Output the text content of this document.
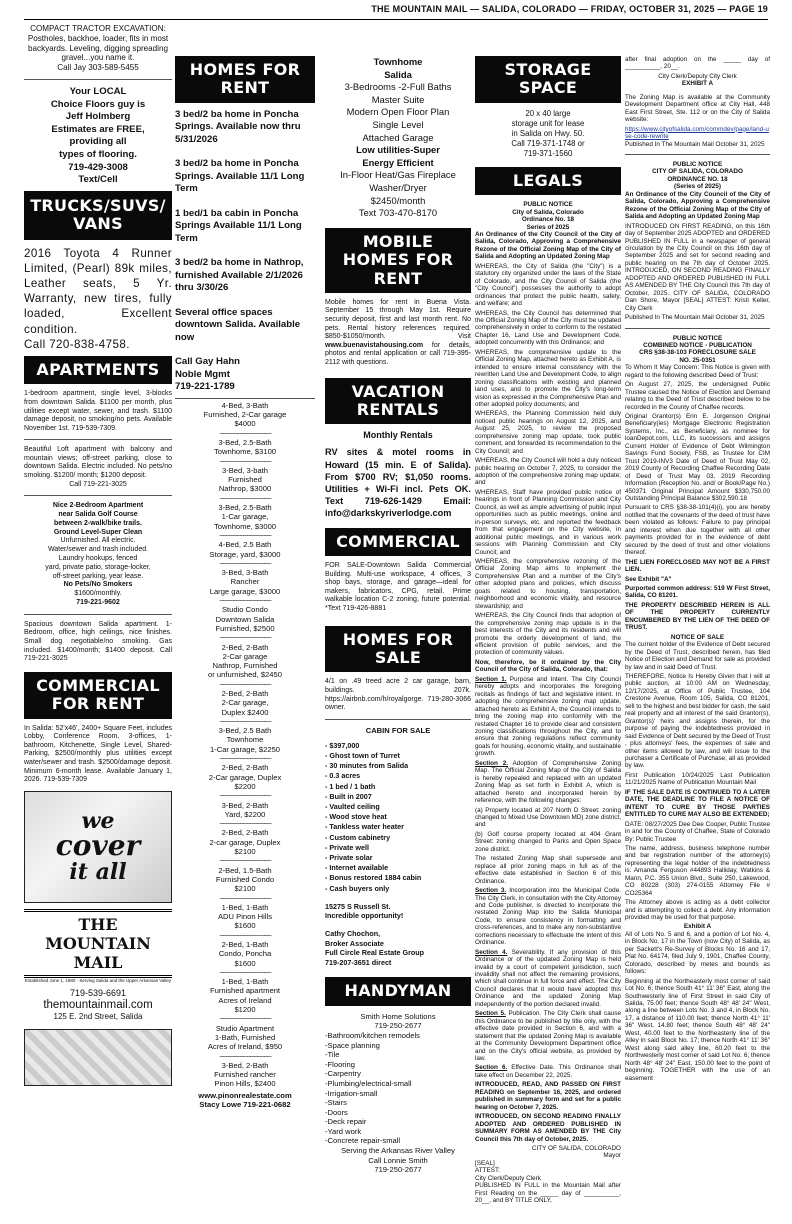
THE MOUNTAIN MAIL — SALIDA, COLORADO — FRIDAY, OCTOBER 31, 2025 — PAGE 19
COMPACT TRACTOR EXCAVATION:
Postholes, backhoe, loader, fits in most backyards. Leveling, digging spreading gravel...you name it.
Call Jay 303-589-5455
Your LOCAL
Choice Floors guy is
Jeff Holmberg
Estimates are FREE,
providing all
types of flooring.
719-429-3008
Text/Cell
TRUCKS/SUVS/ VANS
2016 Toyota 4 Runner Limited, (Pearl) 89k miles, Leather seats, 5 Yr. Warranty, new tires, fully loaded, Excellent condition.
Call 720-838-4758.
APARTMENTS
1-bedroom apartment, single level, 3-blocks from downtown Salida. $1100 per month, plus utilities except water, sewer, and trash. $1100 damage deposit, no smoking/no pets. Available November 1st. 719-539-7309.
Beautiful Loft apartment with balcony and mountain views; off-street parking, close to downtown Salida. Electric included. No pets/no smoking. $1200/ month; $1200 deposit.
Call 719-221-3025
Nice 2-Bedroom Apartment
near Salida Golf Course
between 2-walk/bike trails.
Ground Level-Super Clean
Unfurnished. All electric.
Water/sewer and trash included.
Laundry hookups, fenced
yard, private patio, storage-locker,
off-street parking, year lease.
No Pets/No Smokers
$1600/monthly.
719-221-9602
Spacious downtown Salida apartment. 1-Bedroom, office, high ceilings, nice finishes. Small dog negotiable/no smoking. Gas included. $1400/month; $1400 deposit. Call 719-221-3025
COMMERCIAL FOR RENT
In Salida: 52'x46', 2400+ Square Feet, includes Lobby, Conference Room, 3-offices, 1-bathroom, Kitchenette, Single Level, Shared-Parking, $2500/monthly plus utilities except water/sewer and trash. $2500/damage deposit. Minimum 6-month lease. Available January 1, 2026. 719-539-7309
we
cover
it all
THE MOUNTAIN MAIL
Established June 1, 1880 · Serving Salida and the Upper Arkansas Valley
719-539-6691
themountainmail.com
125 E. 2nd Street, Salida
HOMES FOR RENT
3 bed/2 ba home in Poncha Springs. Available now thru 5/31/2026
3 bed/2 ba home in Poncha Springs. Available 11/1 Long Term
1 bed/1 ba cabin in Poncha Springs Available 11/1 Long Term
3 bed/2 ba home in Nathrop, furnished Available 2/1/2026 thru 3/30/26
Several office spaces downtown Salida. Available now
Call Gay Hahn
Noble Mgmt
719-221-1789
4-Bed, 3-Bath
Furnished, 2-Car garage
$4000
~~~~~~~~~~~~~~~
3-Bed, 2.5-Bath
Townhome, $3100
~~~~~~~~~~~~~~~
3-Bed, 3-bath
Furnished
Nathrop, $3000
~~~~~~~~~~~~~~~
3-Bed, 2.5-Bath
1-Car garage,
Townhome, $3000
~~~~~~~~~~~~~~~
4-Bed, 2.5 Bath
Storage, yard, $3000
~~~~~~~~~~~~~~~
3-Bed, 3-Bath
Rancher
Large garage, $3000
~~~~~~~~~~~~~~~
Studio Condo
Downtown Salida
Furnished, $2500
~~~~~~~~~~~~~~~
2-Bed, 2-Bath
2-Car garage
Nathrop, Furnished
or unfurnished, $2450
~~~~~~~~~~~~~~~
2-Bed, 2-Bath
2-Car garage,
Duplex $2400
~~~~~~~~~~~~~~~
3-Bed, 2.5 Bath
Townhome
1-Car garage, $2250
~~~~~~~~~~~~~~~
2-Bed, 2-Bath
2-Car garage, Duplex
$2200
~~~~~~~~~~~~~~~
3-Bed, 2-Bath
Yard, $2200
~~~~~~~~~~~~~~~
2-Bed, 2-Bath
2-car garage, Duplex
$2100
~~~~~~~~~~~~~~~
2-Bed, 1.5-Bath
Furnished Condo
$2100
~~~~~~~~~~~~~~~
1-Bed, 1-Bath
ADU Pinon Hills
$1600
~~~~~~~~~~~~~~~
2-Bed, 1-Bath
Condo, Poncha
$1600
~~~~~~~~~~~~~~~
1-Bed, 1-Bath
Furnished apartment
Acres of Ireland
$1200
~~~~~~~~~~~~~~~
Studio Apartment
1-Bath, Furnished
Acres of Ireland, $950
~~~~~~~~~~~~~~~
3-Bed, 2-Bath
Furnished rancher
Pinon Hills, $2400
www.pinonrealestate.com
Stacy Lowe 719-221-0682
Townhome
Salida
3-Bedrooms -2-Full Baths
Master Suite
Modern Open Floor Plan
Single Level
Attached Garage
Low utilities-Super
Energy Efficient
In-Floor Heat/Gas Fireplace
Washer/Dryer
$2450/month
Text 703-470-8170
MOBILE HOMES FOR RENT
Mobile homes for rent in Buena Vista. September 15 through May 1st. Require security deposit, first and last month rent. No pets. Rental history references required. $850-$1050/month. Visit www.buenavistahousing.com for details, photos and rental application or call 719-395-2112 with questions.
VACATION RENTALS
Monthly Rentals
RV sites & motel rooms in Howard (15 min. E of Salida). From $700 RV; $1,050 rooms. Utilities + Wi-Fi incl. Pets OK. Text 719-626-1429 Email: info@darkskyriverlodge.com
COMMERCIAL
FOR SALE-Downtown Salida Commercial Building. Multi-use workspace, 4 offices, 3 shop bays, storage, and garage—ideal for makers, fabricators, CPG, retail. Prime walkable location C-2 zoning, future potential. *Text 719-426-8881
HOMES FOR SALE
4/1 on .49 treed acre 2 car garage, barn, buildings. 207k. https://airbnb.com/h/royalgorge. 719-280-3066 owner.
CABIN FOR SALE
- $397,000
- Ghost town of Turret
- 30 minutes from Salida
- 0.3 acres
- 1 bed / 1 bath
- Built in 2007
- Vaulted ceiling
- Wood stove heat
- Tankless water heater
- Custom cabinetry
- Private well
- Private solar
- Internet available
- Bonus restored 1884 cabin
- Cash buyers only
15275 S Russell St.
Incredible opportunity!
Cathy Chochon,
Broker Associate
Full Circle Real Estate Group
719-207-3651 direct
HANDYMAN
Smith Home Solutions
719-250-2677
-Bathroom/kitchen remodels
-Space planning
-Tile
-Flooring
-Carpentry
-Plumbing/electrical-small
-Irrigation-small
-Stairs
-Doors
-Deck repair
-Yard work
-Concrete repair-small
Serving the Arkansas River Valley
Call Lonnie Smith
719-250-2677
STORAGE SPACE
20 x 40 large
storage unit for lease
in Salida on Hwy. 50.
Call 719-371-1748 or
719-371-1560
LEGALS
PUBLIC NOTICE
City of Salida, Colorado
Ordinance No. 18
Series of 2025

An Ordinance of the City Council of the City of Salida, Colorado, Approving a Comprehensive Rezone of the Official Zoning Map of the City of Salida and Adopting an Updated Zoning Map

WHEREAS, the City of Salida (the "City") is a statutory city organized under the laws of the State of Colorado, and the City Council of Salida (the "City Council") possesses the authority to adopt ordinances that protect the public health, safety, and welfare; and

WHEREAS, the City Council has determined that the Official Zoning Map of the City must be updated comprehensively in order to conform to the restated Chapter 16, Land Use and Development Code, adopted concurrently with this Ordinance; and

WHEREAS, the comprehensive update to the Official Zoning Map, attached hereto as Exhibit A, is intended to ensure internal consistency with the rewritten Land Use and Development Code, to align zoning classifications with existing and planned land uses, and to promote the City's long-term vision as expressed in the Comprehensive Plan and other adopted policy documents; and

WHEREAS, the Planning Commission held duly noticed public hearings on August 12, 2025, and August 25, 2025, to review the proposed comprehensive zoning map update, took public comment, and forwarded its recommendation to the City Council; and

WHEREAS, the City Council will hold a duly noticed public hearing on October 7, 2025, to consider the adoption of the comprehensive zoning map update; and

WHEREAS, Staff have provided public notice of hearings in front of Planning Commission and City Council, as well as ample advertising of public input opportunities such as public meetings, online and in-person surveys, etc. and reported the feedback from that engagement on the City website, in additional public meetings, and in various work sessions with Planning Commission and City Council; and

WHEREAS, the comprehensive rezoning of the Official Zoning Map aims to implement the Comprehensive Plan and a number of the City's other adopted plans and policies, which discuss goals related to housing, transportation, neighborhood and economic vitality, and resource stewardship; and

WHEREAS, the City Council finds that adoption of the comprehensive zoning map update is in the best interests of the City and its residents and will promote the orderly development of land, the efficient provision of public services, and the protection of community values.

Now, therefore, be it ordained by the City Council of the City of Salida, Colorado, that:

Section 1. Purpose and Intent. The City Council hereby adopts and incorporates the foregoing recitals as findings of fact and legislative intent. In adopting the comprehensive zoning map update, attached hereto as Exhibit A, the Council intends to bring the zoning map into conformity with the restated Chapter 16 to provide clear and consistent zoning classifications throughout the City, and to ensure that zoning regulations reflect community goals for housing, economic vitality, and sustainable growth.

Section 2. Adoption of Comprehensive Zoning Map. The Official Zoning Map of the City of Salida is hereby repealed and replaced with an updated Zoning Map as set forth in Exhibit A, which is attached hereto and incorporated herein by reference, with the following changes:

(a) Property located at 207 North D Street: zoning changed to Mixed Use Downtown MD) zone district, and

(b) Golf course property located at 404 Grant Street: zoning changed to Parks and Open Space zone district.

The restated Zoning Map shall supersede and replace all prior zoning maps in full as of the effective date established in Section 6 of this Ordinance.

Section 3. Incorporation into the Municipal Code. The City Clerk, in consultation with the City Attorney and Code publisher, is directed to incorporate the restated Zoning Map into the Salida Municipal Code, to ensure consistency in formatting and cross-references, and to make any non-substantive corrections necessary to effectuate the intent of this Ordinance.

Section 4. Severability. If any provision of this Ordinance or of the updated Zoning Map is held invalid by a court of competent jurisdiction, such invalidity shall not affect the remaining provisions, which shall continue in full force and effect. The City Council declares that it would have adopted this Ordinance and the updated Zoning Map independently of the portion declared invalid.

Section 5. Publication. The City Clerk shall cause this Ordinance to be published by title only, with the effective date provided in Section 6, and with a statement that the updated Zoning Map is available at the Community Development Department office and on the City's official website, as provided by law.

Section 6. Effective Date. This Ordinance shall take effect on December 22, 2025.

INTRODUCED, READ, AND PASSED ON FIRST READING on September 16, 2025, and ordered published in summary form and set for a public hearing on October 7, 2025.

INTRODUCED, ON SECOND READING FINALLY ADOPTED AND ORDERED PUBLISHED IN SUMMARY FORM AS AMENDED BY THE City Council this 7th day of October, 2025.

CITY OF SALIDA, COLORADO
Mayor
[SEAL]
ATTEST:
City Clerk/Deputy Clerk

PUBLISHED IN FULL in the Mountain Mail after First Reading on the _____ day of __________, 20__, and BY TITLE ONLY,

after final adoption on the _____ day of __________, 20__.

City Clerk/Deputy City Clerk
EXHIBIT A

The Zoning Map is available at the Community Development Department office at City Hall, 448 East First Street, Ste. 112 or on the City of Salida website:

https://www.cityofsalida.com/commdev/page/land-use-code-rewrite

Published In The Mountain Mail October 31, 2025

PUBLIC NOTICE
CITY OF SALIDA, COLORADO
ORDINANCE NO. 18
(Series of 2025)

An Ordinance of the City Council of the City of Salida, Colorado, Approving a Comprehensive Rezone of the Official Zoning Map of the City of Salida and Adopting an Updated Zoning Map

INTRODUCED ON FIRST READING, on this 16th day of September 2025 ADOPTED and ORDERED PUBLISHED IN FULL in a newspaper of general circulation by the City Council on this 16th day of September 2025 and set for second reading and public hearing on the 7th day of October 2025. INTRODUCED, ON SECOND READING FINALLY ADOPTED AND ORDERED PUBLISHED IN FULL AS AMENDED BY THE City Council this 7th day of October, 2025. CITY OF SALIDA, COLORADO Dan Shore, Mayor [SEAL] ATTEST: Kristi Keller, City Clerk

Published In The Mountain Mail October 31, 2025

PUBLIC NOTICE
COMBINED NOTICE - PUBLICATION
CRS §38-38-103 FORECLOSURE SALE
NO. 25-0351

To Whom It May Concern: This Notice is given with regard to the following described Deed of Trust:

On August 27, 2025, the undersigned Public Trustee caused the Notice of Election and Demand relating to the Deed of Trust described below to be recorded in the County of Chaffee records.

Original Grantor(s) Erin E. Jorgenson Original Beneficiary(ies) Mortgage Electronic Registration Systems, Inc., as Beneficiary, as nominee for loanDepot.com, LLC, its successors and assigns Current Holder of Evidence of Debt Wilmington Savings Fund Society, FSB, as Trustee for CIM Trust 2019-INV3 Date of Deed of Trust May 02, 2019 County of Recording Chaffee Recording Date of Deed of Trust May 03, 2019 Recording Information (Reception No. and/ or Book/Page No.) 450371 Original Principal Amount $330,750.00 Outstanding Principal Balance $302,590.18

Pursuant to CRS §38-38-101(4)(i), you are hereby notified that the covenants of the deed of trust have been violated as follows: Failure to pay principal and interest when due together with all other payments provided for in the evidence of debt secured by the deed of trust and other violations thereof.

THE LIEN FORECLOSED MAY NOT BE A FIRST LIEN.

See Exhibit "A"

Purported common address: 519 W First Street, Salida, CO 81201.

THE PROPERTY DESCRIBED HEREIN IS ALL OF THE PROPERTY CURRENTLY ENCUMBERED BY THE LIEN OF THE DEED OF TRUST.

NOTICE OF SALE

The current holder of the Evidence of Debt secured by the Deed of Trust, described herein, has filed Notice of Election and Demand for sale as provided by law and in said Deed of Trust.

THEREFORE, Notice Is Hereby Given that I will at public auction, at 10:00 AM on Wednesday, 12/17/2025, at Office of Public Trustee, 104 Crestone Avenue, Room 105, Salida, CO 81201, sell to the highest and best bidder for cash, the said real property and all interest of the said Grantor(s), Grantor(s)' heirs and assigns therein, for the purpose of paying the indebtedness provided in said Evidence of Debt secured by the Deed of Trust , plus attorneys' fees, the expenses of sale and other items allowed by law, and will issue to the purchaser a Certificate of Purchase, all as provided by law.

First Publication 10/24/2025 Last Publication 11/21/2025 Name of Publication Mountain Mail

IF THE SALE DATE IS CONTINUED TO A LATER DATE, THE DEADLINE TO FILE A NOTICE OF INTENT TO CURE BY THOSE PARTIES ENTITLED TO CURE MAY ALSO BE EXTENDED;

DATE: 08/27/2025 Dee Dee Cooper, Public Trustee in and for the County of Chaffee, State of Colorado By: Public Trustee

The name, address, business telephone number and bar registration number of the attorney(s) representing the legal holder of the indebtedness is: Amanda Ferguson #44893 Halliday, Watkins & Mann, P.C. 355 Union Blvd., Suite 250, Lakewood, CO 80228 (303) 274-0155 Attorney File # CO25364

The Attorney above is acting as a debt collector and is attempting to collect a debt. Any information provided may be used for that purpose.

Exhibit A

All of Lots No. 5 and 6, and a portion of Lot No. 4, in Block No. 17 in the Town (now City) of Salida, as per Sackett's Re-Survey of Blocks No. 16 and 17, Plat No. 64174, filed July 9, 1901, Chaffee County, Colorado, described by metes and bounds as follows:

Beginning at the Northeasterly most corner of said Lot No. 6; thence South 41° 11' 36" East, along the Southwesterly line of First Street in said City of Salida, 75.00 feet; thence South 48° 48' 24" West, along a line between Lots No. 3 and 4, in Block No. 17, a distance of 110.00 feet; thence North 41° 11' 36" West, 14.80 feet; thence South 48° 48' 24" West, 40.00 feet to the Northeasterly line of the Alley in said Block No. 17; thence North 41° 11' 36" West along said alley line, 60.20 feet to the Northwesterly most corner of said Lot No. 6; thence North 48° 48' 24" East, 150.00 feet to the point of beginning. TOGETHER with the use of an easement
